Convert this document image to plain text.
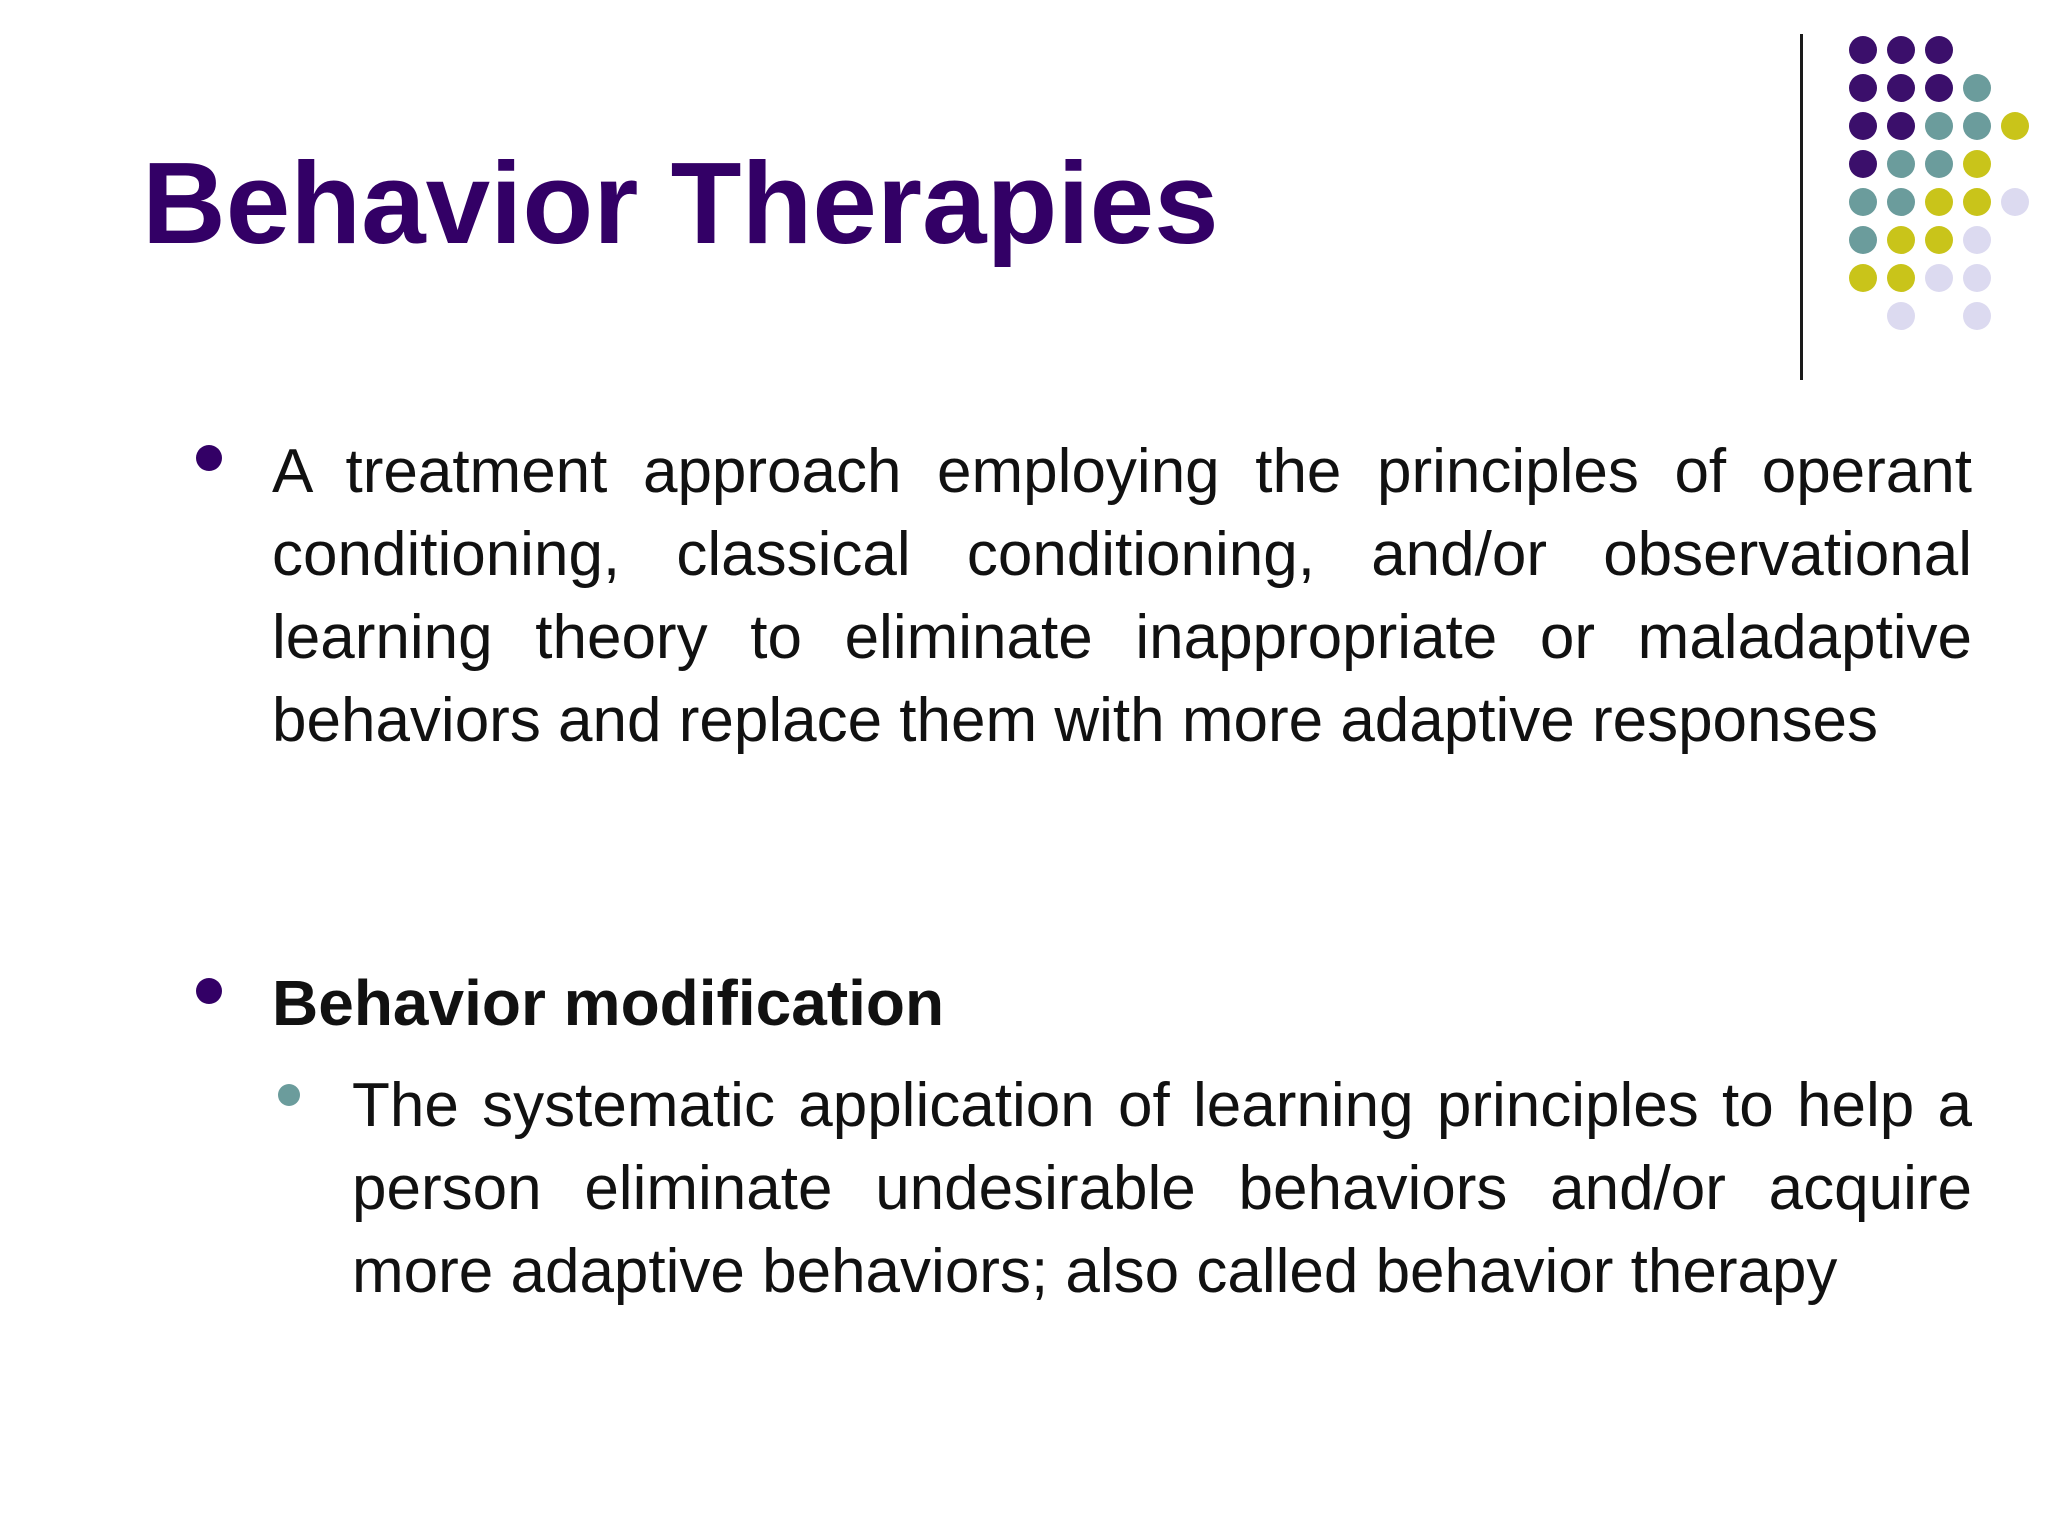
Behavior Therapies

A treatment approach employing the principles of operant conditioning, classical conditioning, and/or observational learning theory to eliminate inappropriate or maladaptive behaviors and replace them with more adaptive responses

Behavior modification

The systematic application of learning principles to help a person eliminate undesirable behaviors and/or acquire more adaptive behaviors; also called behavior therapy
